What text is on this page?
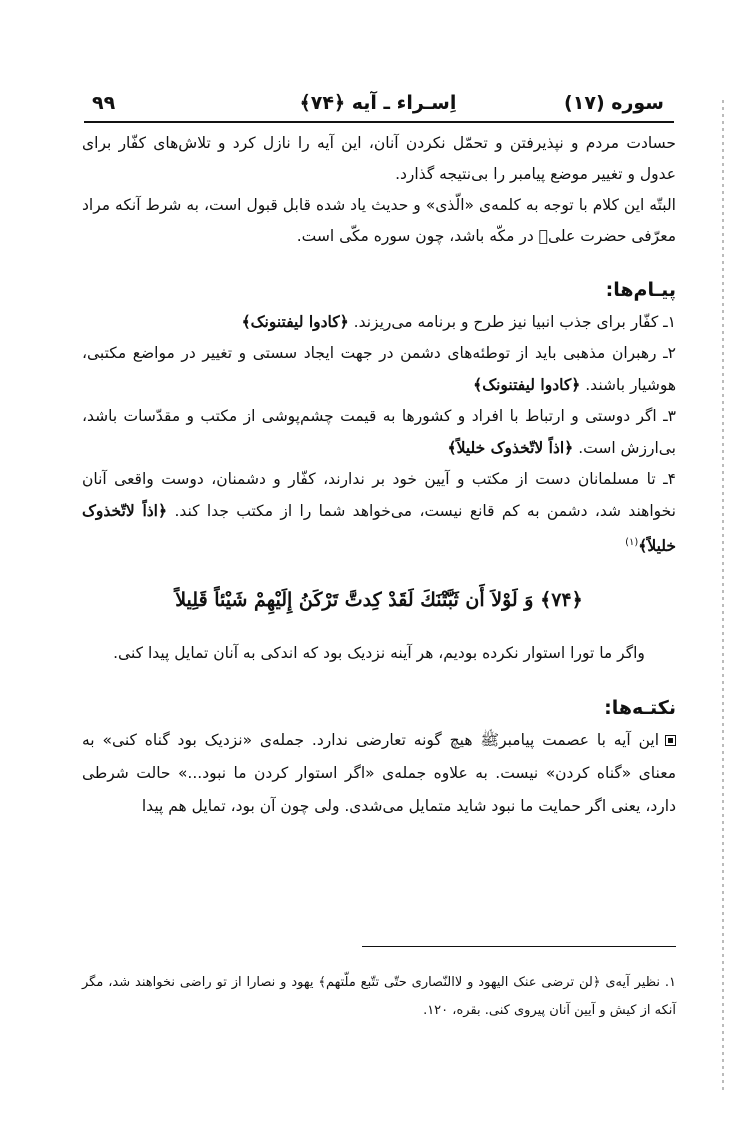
سوره (۱۷)
اِسـراء ـ آیه ﴿۷۴﴾
۹۹

حسادت مردم و نپذیرفتن و تحمّل نکردن آنان، این آیه را نازل کرد و تلاش‌های کفّار برای عدول و تغییر موضع پیامبر را بی‌نتیجه گذارد.

البتّه این کلام با توجه به کلمه‌ی «الّذی» و حدیث یاد شده قابل قبول است، به شرط آنکه مراد معرّفی حضرت علیؑ در مکّه باشد، چون سوره مکّی است.

پیـام‌ها:

۱ـ کفّار برای جذب انبیا نیز طرح و برنامه می‌ریزند. ﴿کادوا لیفتنونک﴾

۲ـ رهبران مذهبی باید از توطئه‌های دشمن در جهت ایجاد سستی و تغییر در مواضع مکتبی، هوشیار باشند. ﴿کادوا لیفتنونک﴾

۳ـ اگر دوستی و ارتباط با افراد و کشورها به قیمت چشم‌پوشی از مکتب و مقدّسات باشد، بی‌ارزش است. ﴿اذاً لاتّخذوک خلیلاً﴾

۴ـ تا مسلمانان دست از مکتب و آیین خود بر ندارند، کفّار و دشمنان، دوست واقعی آنان نخواهند شد، دشمن به کم قانع نیست، می‌خواهد شما را از مکتب جدا کند. ﴿اذاً لاتّخذوک خلیلاً﴾$^{(۱)}$

﴿۷۴﴾ وَ لَوْلاَ أَن ثَبَّتْنَكَ لَقَدْ كِدتَّ تَرْكَنُ إِلَيْهِمْ شَيْئاً قَلِيلاً

واگر ما تورا استوار نکرده بودیم، هر آینه نزدیک بود که اندکی به آنان تمایل پیدا کنی.

نکتـه‌ها:

این آیه با عصمت پیامبرﷺ هیچ گونه تعارضی ندارد. جمله‌ی «نزدیک بود گناه کنی» به معنای «گناه کردن» نیست. به علاوه جمله‌ی «اگر استوار کردن ما نبود...» حالت شرطی دارد، یعنی اگر حمایت ما نبود شاید متمایل می‌شدی. ولی چون آن بود، تمایل هم پیدا

۱. نظیر آیه‌ی ﴿لن ترضی عنک الیهود و لاالنّصاری حتّی تتّبع ملّتهم﴾ یهود و نصارا از تو راضی نخواهند شد، مگر آنکه از کیش و آیین آنان پیروی کنی. بقره، ۱۲۰.
